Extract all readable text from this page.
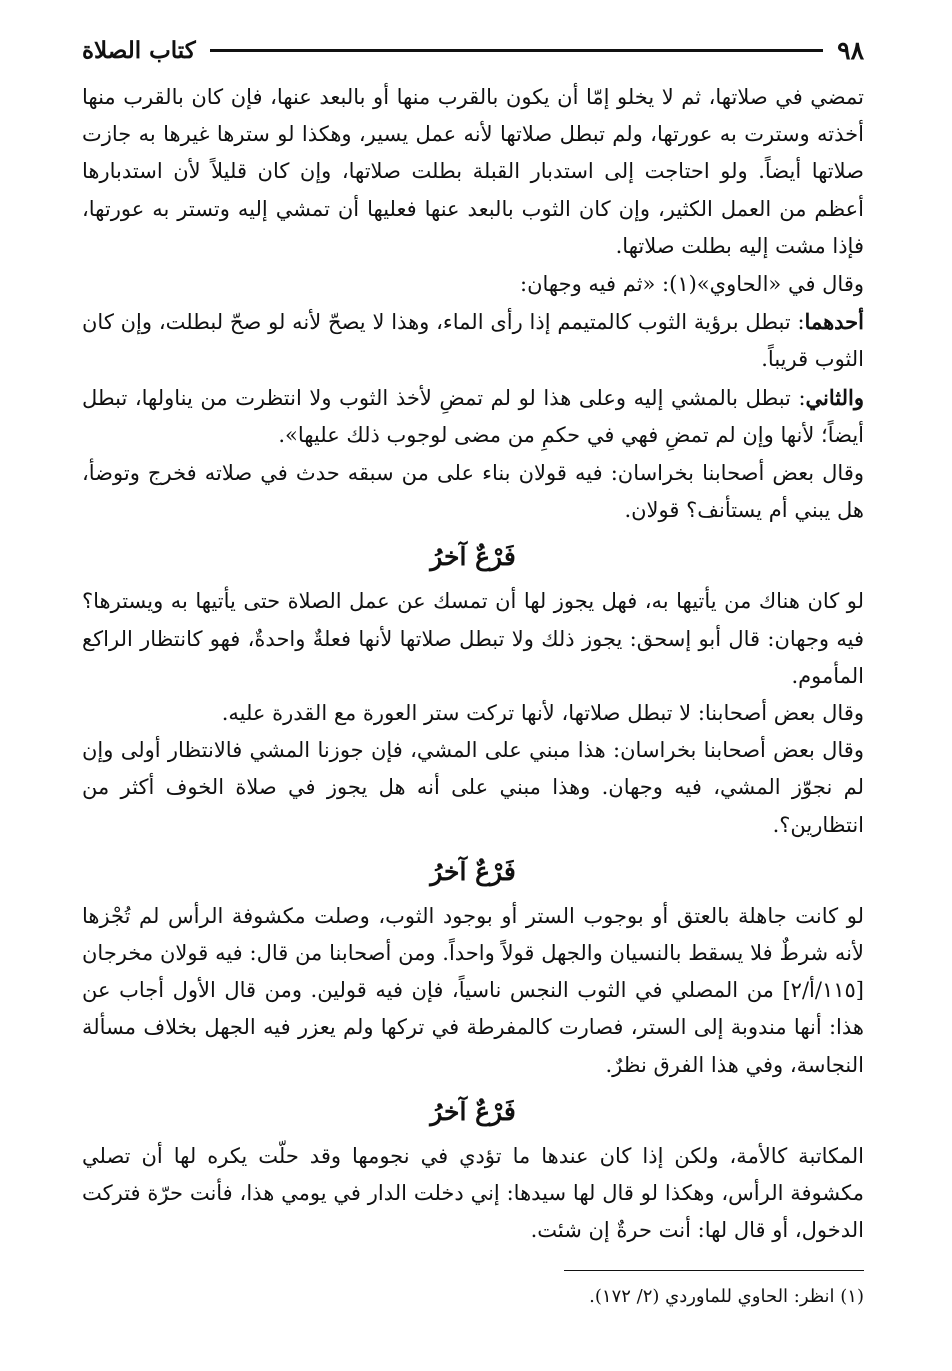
٩٨
كتاب الصلاة

تمضي في صلاتها، ثم لا يخلو إمّا أن يكون بالقرب منها أو بالبعد عنها، فإن كان بالقرب منها أخذته وسترت به عورتها، ولم تبطل صلاتها لأنه عمل يسير، وهكذا لو سترها غيرها به جازت صلاتها أيضاً. ولو احتاجت إلى استدبار القبلة بطلت صلاتها، وإن كان قليلاً لأن استدبارها أعظم من العمل الكثير، وإن كان الثوب بالبعد عنها فعليها أن تمشي إليه وتستر به عورتها، فإذا مشت إليه بطلت صلاتها.

وقال في «الحاوي»(١): «ثم فيه وجهان:

أحدهما: تبطل برؤية الثوب كالمتيمم إذا رأى الماء، وهذا لا يصحّ لأنه لو صحّ لبطلت، وإن كان الثوب قريباً.

والثاني: تبطل بالمشي إليه وعلى هذا لو لم تمضِ لأخذ الثوب ولا انتظرت من يناولها، تبطل أيضاً؛ لأنها وإن لم تمضِ فهي في حكمِ من مضى لوجوب ذلك عليها».

وقال بعض أصحابنا بخراسان: فيه قولان بناء على من سبقه حدث في صلاته فخرج وتوضأ، هل يبني أم يستأنف؟ قولان.

فَرْعٌ آخرُ

لو كان هناك من يأتيها به، فهل يجوز لها أن تمسك عن عمل الصلاة حتى يأتيها به ويسترها؟ فيه وجهان: قال أبو إسحق: يجوز ذلك ولا تبطل صلاتها لأنها فعلةٌ واحدةٌ، فهو كانتظار الراكع المأموم.

وقال بعض أصحابنا: لا تبطل صلاتها، لأنها تركت ستر العورة مع القدرة عليه.

وقال بعض أصحابنا بخراسان: هذا مبني على المشي، فإن جوزنا المشي فالانتظار أولى وإن لم نجوّز المشي، فيه وجهان. وهذا مبني على أنه هل يجوز في صلاة الخوف أكثر من انتظارين؟.

فَرْعٌ آخرُ

لو كانت جاهلة بالعتق أو بوجوب الستر أو بوجود الثوب، وصلت مكشوفة الرأس لم تُجْزها لأنه شرطٌ فلا يسقط بالنسيان والجهل قولاً واحداً. ومن أصحابنا من قال: فيه قولان مخرجان [١١٥/أ/٢] من المصلي في الثوب النجس ناسياً، فإن فيه قولين. ومن قال الأول أجاب عن هذا: أنها مندوبة إلى الستر، فصارت كالمفرطة في تركها ولم يعزر فيه الجهل بخلاف مسألة النجاسة، وفي هذا الفرق نظرٌ.

فَرْعٌ آخرُ

المكاتبة كالأمة، ولكن إذا كان عندها ما تؤدي في نجومها وقد حلّت يكره لها أن تصلي مكشوفة الرأس، وهكذا لو قال لها سيدها: إني دخلت الدار في يومي هذا، فأنت حرّة فتركت الدخول، أو قال لها: أنت حرةٌ إن شئت.

(١) انظر: الحاوي للماوردي (٢/ ١٧٢).
